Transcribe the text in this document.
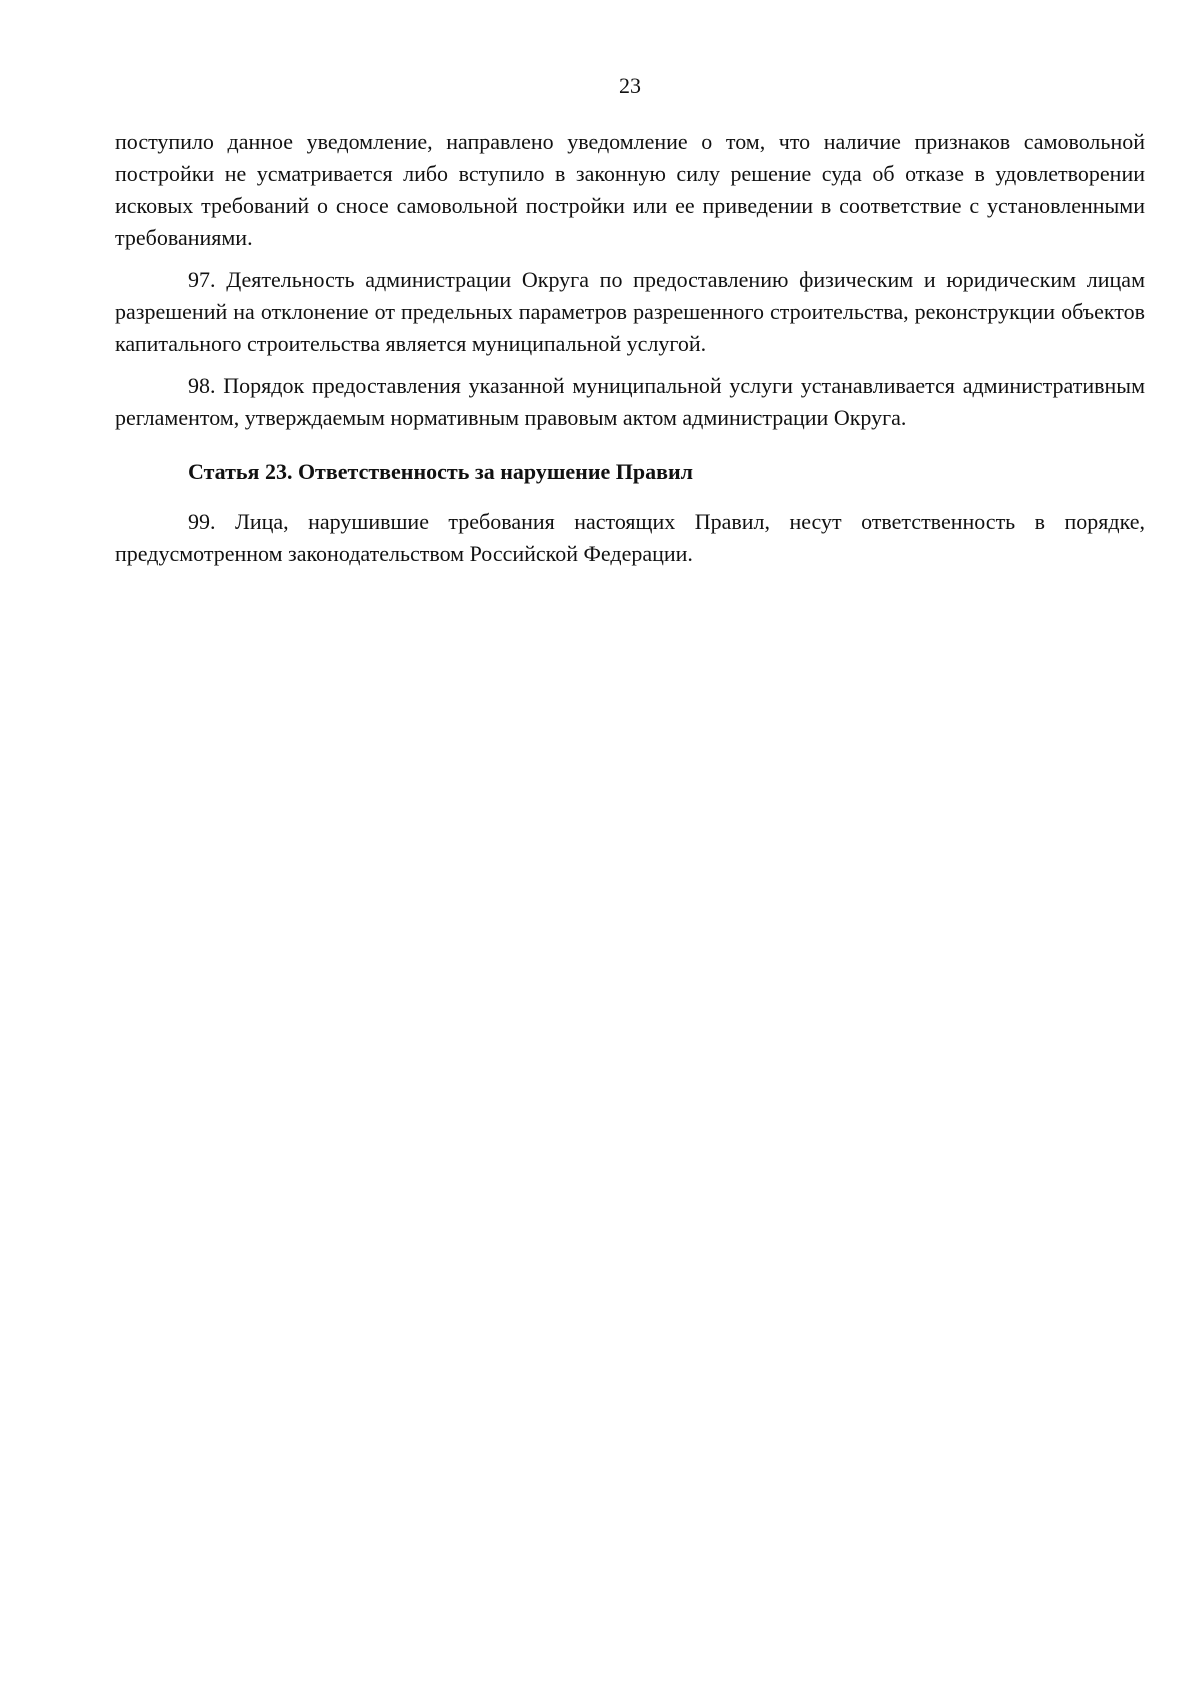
23

поступило данное уведомление, направлено уведомление о том, что наличие признаков самовольной постройки не усматривается либо вступило в законную силу решение суда об отказе в удовлетворении исковых требований о сносе самовольной постройки или ее приведении в соответствие с установленными требованиями.

97. Деятельность администрации Округа по предоставлению физическим и юридическим лицам разрешений на отклонение от предельных параметров разрешенного строительства, реконструкции объектов капитального строительства является муниципальной услугой.

98. Порядок предоставления указанной муниципальной услуги устанавливается административным регламентом, утверждаемым нормативным правовым актом администрации Округа.

Статья 23. Ответственность за нарушение Правил

99. Лица, нарушившие требования настоящих Правил, несут ответственность в порядке, предусмотренном законодательством Российской Федерации.
